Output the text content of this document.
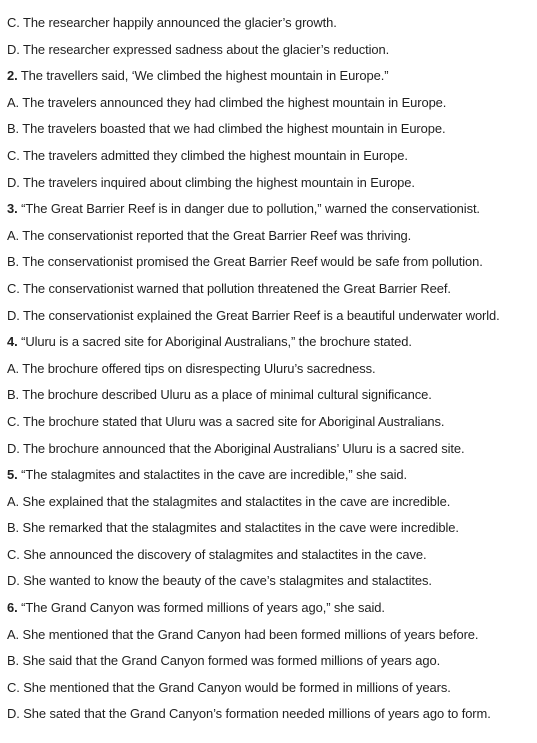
C. The researcher happily announced the glacier’s growth.
D. The researcher expressed sadness about the glacier’s reduction.
2. The travellers said, ‘We climbed the highest mountain in Europe.”
A. The travelers announced they had climbed the highest mountain in Europe.
B. The travelers boasted that we had climbed the highest mountain in Europe.
C. The travelers admitted they climbed the highest mountain in Europe.
D. The travelers inquired about climbing the highest mountain in Europe.
3. “The Great Barrier Reef is in danger due to pollution,” warned the conservationist.
A. The conservationist reported that the Great Barrier Reef was thriving.
B. The conservationist promised the Great Barrier Reef would be safe from pollution.
C. The conservationist warned that pollution threatened the Great Barrier Reef.
D. The conservationist explained the Great Barrier Reef is a beautiful underwater world.
4. “Uluru is a sacred site for Aboriginal Australians,” the brochure stated.
A. The brochure offered tips on disrespecting Uluru’s sacredness.
B. The brochure described Uluru as a place of minimal cultural significance.
C. The brochure stated that Uluru was a sacred site for Aboriginal Australians.
D. The brochure announced that the Aboriginal Australians’ Uluru is a sacred site.
5. “The stalagmites and stalactites in the cave are incredible,” she said.
A. She explained that the stalagmites and stalactites in the cave are incredible.
B. She remarked that the stalagmites and stalactites in the cave were incredible.
C. She announced the discovery of stalagmites and stalactites in the cave.
D. She wanted to know the beauty of the cave’s stalagmites and stalactites.
6. “The Grand Canyon was formed millions of years ago,” she said.
A. She mentioned that the Grand Canyon had been formed millions of years before.
B. She said that the Grand Canyon formed was formed millions of years ago.
C. She mentioned that the Grand Canyon would be formed in millions of years.
D. She sated that the Grand Canyon’s formation needed millions of years ago to form.
